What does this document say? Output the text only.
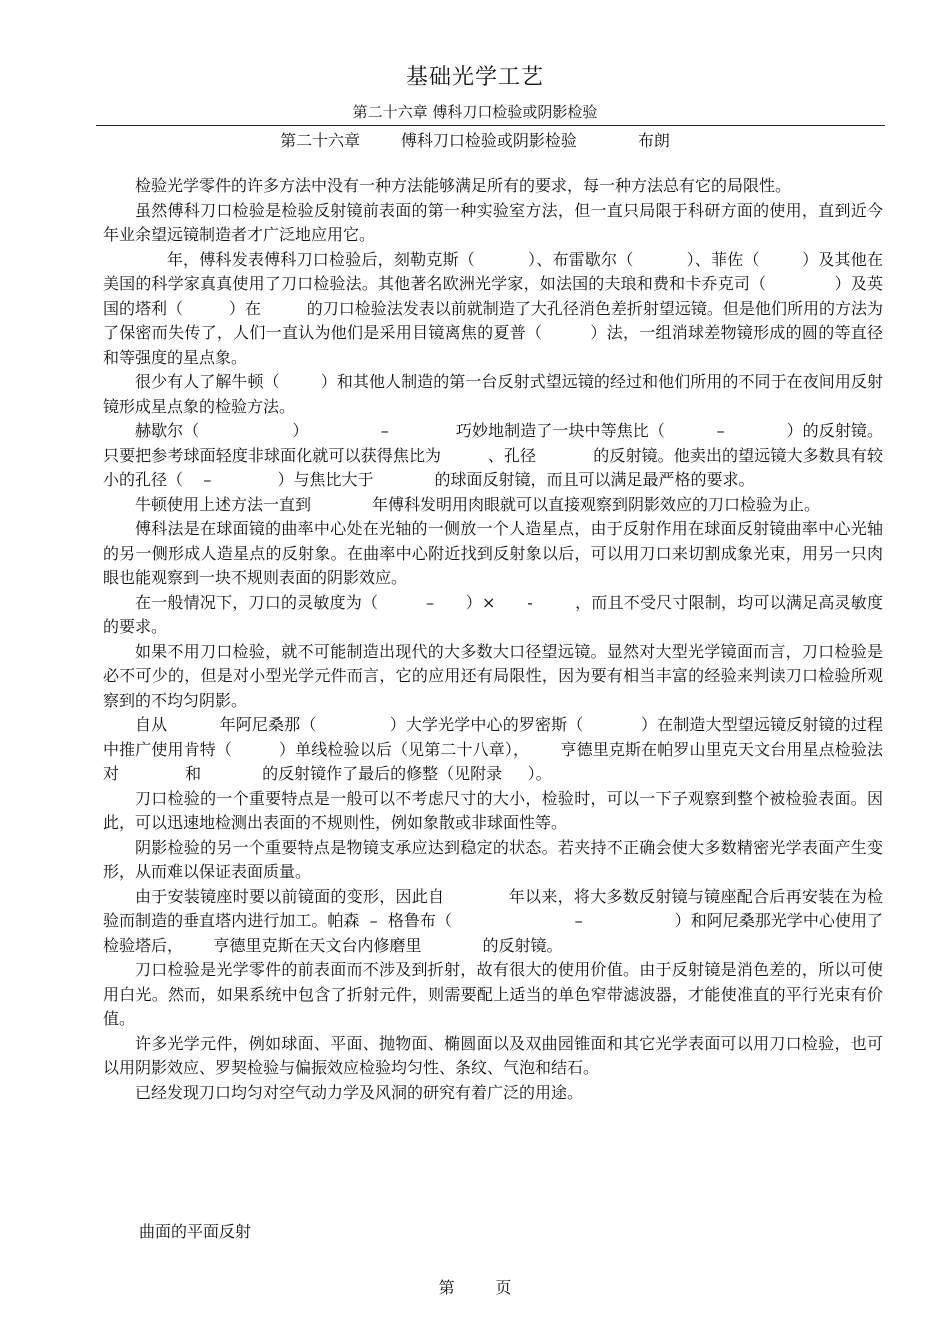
基础光学工艺
第二十六章 傅科刀口检验或阴影检验
第二十六章        傅科刀口检验或阴影检验            布朗

检验光学零件的许多方法中没有一种方法能够满足所有的要求，每一种方法总有它的局限性。

虽然傅科刀口检验是检验反射镜前表面的第一种实验室方法，但一直只局限于科研方面的使用，直到近今年业余望远镜制造者才广泛地应用它。

年，傅科发表傅科刀口检验后，刻勒克斯（          ）、布雷歇尔（          ）、菲佐（        ）及其他在美国的科学家真真使用了刀口检验法。其他著名欧洲光学家，如法国的夫琅和费和卡乔克司（             ）及英国的塔利（         ）在         的刀口检验法发表以前就制造了大孔径消色差折射望远镜。但是他们所用的方法为了保密而失传了，人们一直认为他们是采用目镜离焦的夏普（         ）法，一组消球差物镜形成的圆的等直径和等强度的星点象。

很少有人了解牛顿（        ）和其他人制造的第一台反射式望远镜的经过和他们所用的不同于在夜间用反射镜形成星点象的检验方法。

赫歇尔（                  ）              –             巧妙地制造了一块中等焦比（          –            ）的反射镜。只要把参考球面轻度非球面化就可以获得焦比为         、孔径           的反射镜。他卖出的望远镜大多数具有较小的孔径（    –             ）与焦比大于            的球面反射镜，而且可以满足最严格的要求。

牛顿使用上述方法一直到            年傅科发明用肉眼就可以直接观察到阴影效应的刀口检验为止。

傅科法是在球面镜的曲率中心处在光轴的一侧放一个人造星点，由于反射作用在球面反射镜曲率中心光轴的另一侧形成人造星点的反射象。在曲率中心附近找到反射象以后，可以用刀口来切割成象光束，用另一只肉眼也能观察到一块不规则表面的阴影效应。

在一般情况下，刀口的灵敏度为（         –      ）×      -        ，而且不受尺寸限制，均可以满足高灵敏度的要求。

如果不用刀口检验，就不可能制造出现代的大多数大口径望远镜。显然对大型光学镜面而言，刀口检验是必不可少的，但是对小型光学元件而言，它的应用还有局限性，因为要有相当丰富的经验来判读刀口检验所观察到的不均匀阴影。

自从          年阿尼桑那（              ）大学光学中心的罗密斯（           ）在制造大型望远镜反射镜的过程中推广使用肯特（         ）单线检验以后（见第二十八章），      亨德里克斯在帕罗山里克天文台用星点检验法对             和            的反射镜作了最后的修整（见附录     ）。

刀口检验的一个重要特点是一般可以不考虑尺寸的大小，检验时，可以一下子观察到整个被检验表面。因此，可以迅速地检测出表面的不规则性，例如象散或非球面性等。

阴影检验的另一个重要特点是物镜支承应达到稳定的状态。若夹持不正确会使大多数精密光学表面产生变形，从而难以保证表面质量。

由于安装镜座时要以前镜面的变形，因此自            年以来，将大多数反射镜与镜座配合后再安装在为检验而制造的垂直塔内进行加工。帕森  –  格鲁布（                        –                  ）和阿尼桑那光学中心使用了检验塔后，      亨德里克斯在天文台内修磨里            的反射镜。

刀口检验是光学零件的前表面而不涉及到折射，故有很大的使用价值。由于反射镜是消色差的，所以可使用白光。然而，如果系统中包含了折射元件，则需要配上适当的单色窄带滤波器，才能使准直的平行光束有价值。

许多光学元件，例如球面、平面、抛物面、椭圆面以及双曲园锥面和其它光学表面可以用刀口检验，也可以用阴影效应、罗契检验与偏振效应检验均匀性、条纹、气泡和结石。

已经发现刀口均匀对空气动力学及风洞的研究有着广泛的用途。

曲面的平面反射
第        页
